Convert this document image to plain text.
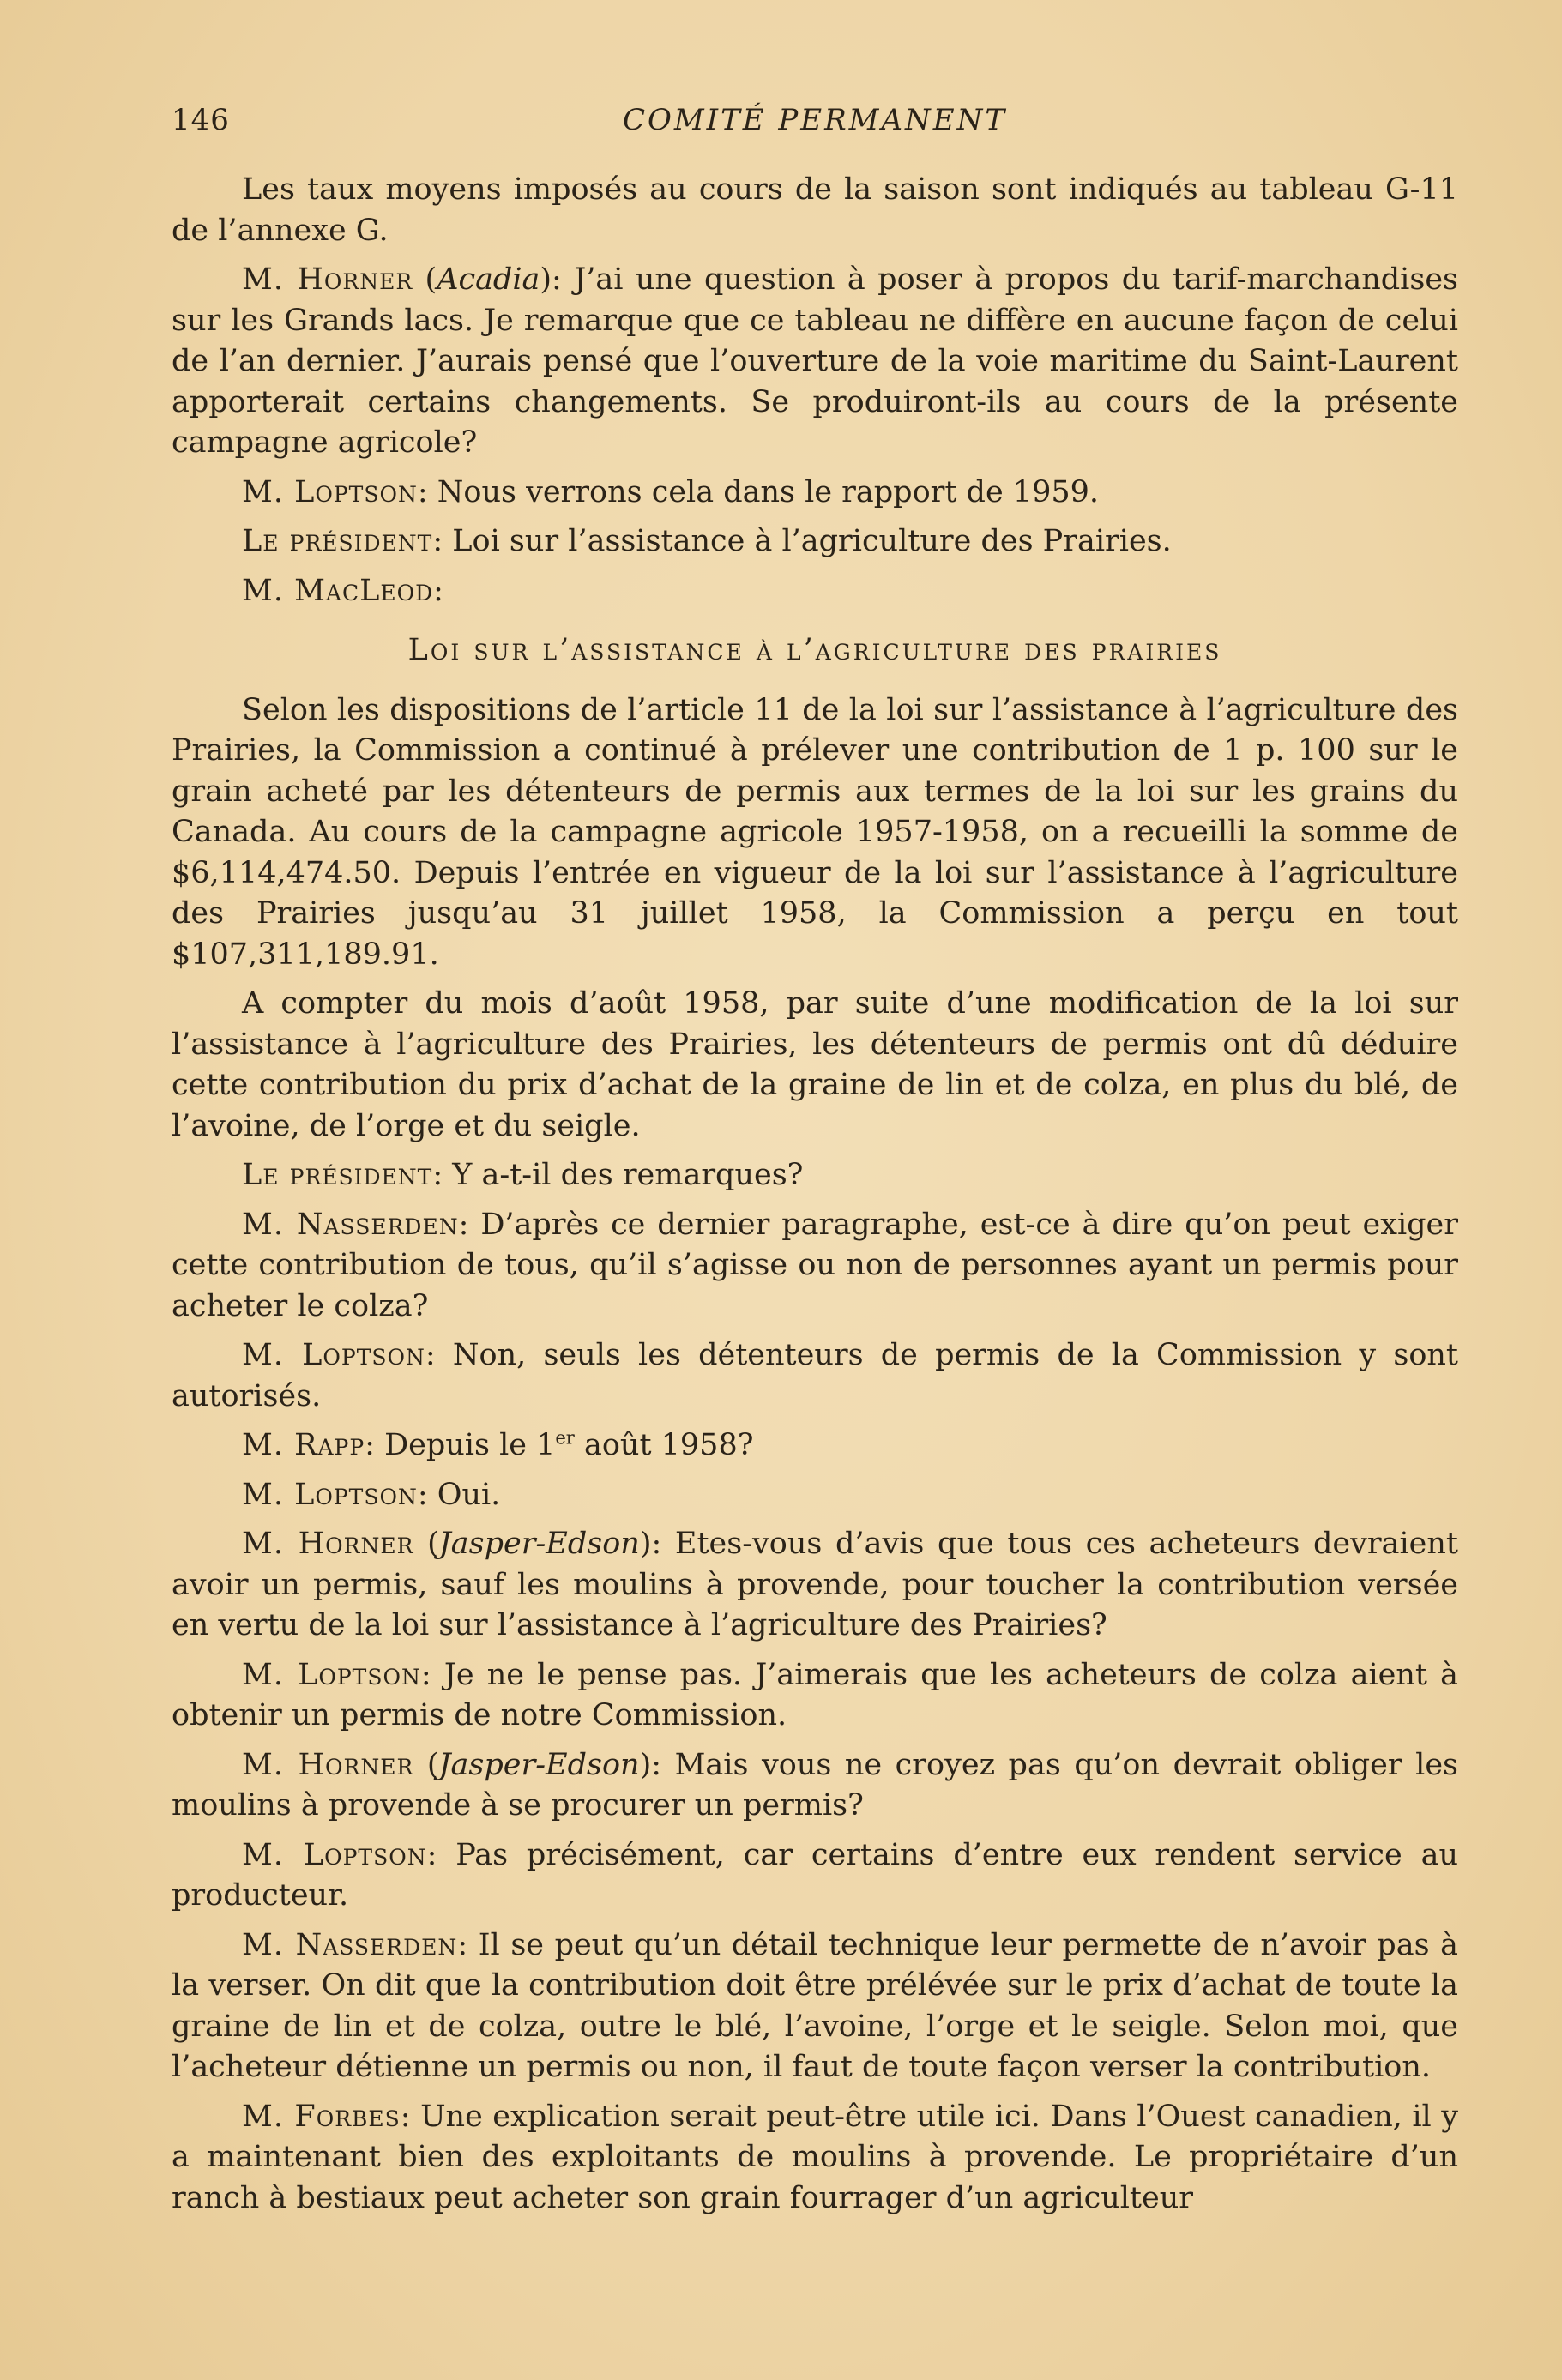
146	COMITÉ PERMANENT

Les taux moyens imposés au cours de la saison sont indiqués au tableau G-11 de l’annexe G.

M. Horner (Acadia): J’ai une question à poser à propos du tarif-marchandises sur les Grands lacs. Je remarque que ce tableau ne diffère en aucune façon de celui de l’an dernier. J’aurais pensé que l’ouverture de la voie maritime du Saint-Laurent apporterait certains changements. Se produiront-ils au cours de la présente campagne agricole?

M. Loptson: Nous verrons cela dans le rapport de 1959.

Le président: Loi sur l’assistance à l’agriculture des Prairies.

M. MacLeod:

Loi sur l’assistance à l’agriculture des prairies

Selon les dispositions de l’article 11 de la loi sur l’assistance à l’agriculture des Prairies, la Commission a continué à prélever une contribution de 1 p. 100 sur le grain acheté par les détenteurs de permis aux termes de la loi sur les grains du Canada. Au cours de la campagne agricole 1957-1958, on a recueilli la somme de $6,114,474.50. Depuis l’entrée en vigueur de la loi sur l’assistance à l’agriculture des Prairies jusqu’au 31 juillet 1958, la Commission a perçu en tout $107,311,189.91.

A compter du mois d’août 1958, par suite d’une modification de la loi sur l’assistance à l’agriculture des Prairies, les détenteurs de permis ont dû déduire cette contribution du prix d’achat de la graine de lin et de colza, en plus du blé, de l’avoine, de l’orge et du seigle.

Le président: Y a-t-il des remarques?

M. Nasserden: D’après ce dernier paragraphe, est-ce à dire qu’on peut exiger cette contribution de tous, qu’il s’agisse ou non de personnes ayant un permis pour acheter le colza?

M. Loptson: Non, seuls les détenteurs de permis de la Commission y sont autorisés.

M. Rapp: Depuis le 1er août 1958?

M. Loptson: Oui.

M. Horner (Jasper-Edson): Etes-vous d’avis que tous ces acheteurs devraient avoir un permis, sauf les moulins à provende, pour toucher la contribution versée en vertu de la loi sur l’assistance à l’agriculture des Prairies?

M. Loptson: Je ne le pense pas. J’aimerais que les acheteurs de colza aient à obtenir un permis de notre Commission.

M. Horner (Jasper-Edson): Mais vous ne croyez pas qu’on devrait obliger les moulins à provende à se procurer un permis?

M. Loptson: Pas précisément, car certains d’entre eux rendent service au producteur.

M. Nasserden: Il se peut qu’un détail technique leur permette de n’avoir pas à la verser. On dit que la contribution doit être prélévée sur le prix d’achat de toute la graine de lin et de colza, outre le blé, l’avoine, l’orge et le seigle. Selon moi, que l’acheteur détienne un permis ou non, il faut de toute façon verser la contribution.

M. Forbes: Une explication serait peut-être utile ici. Dans l’Ouest canadien, il y a maintenant bien des exploitants de moulins à provende. Le propriétaire d’un ranch à bestiaux peut acheter son grain fourrager d’un agriculteur
